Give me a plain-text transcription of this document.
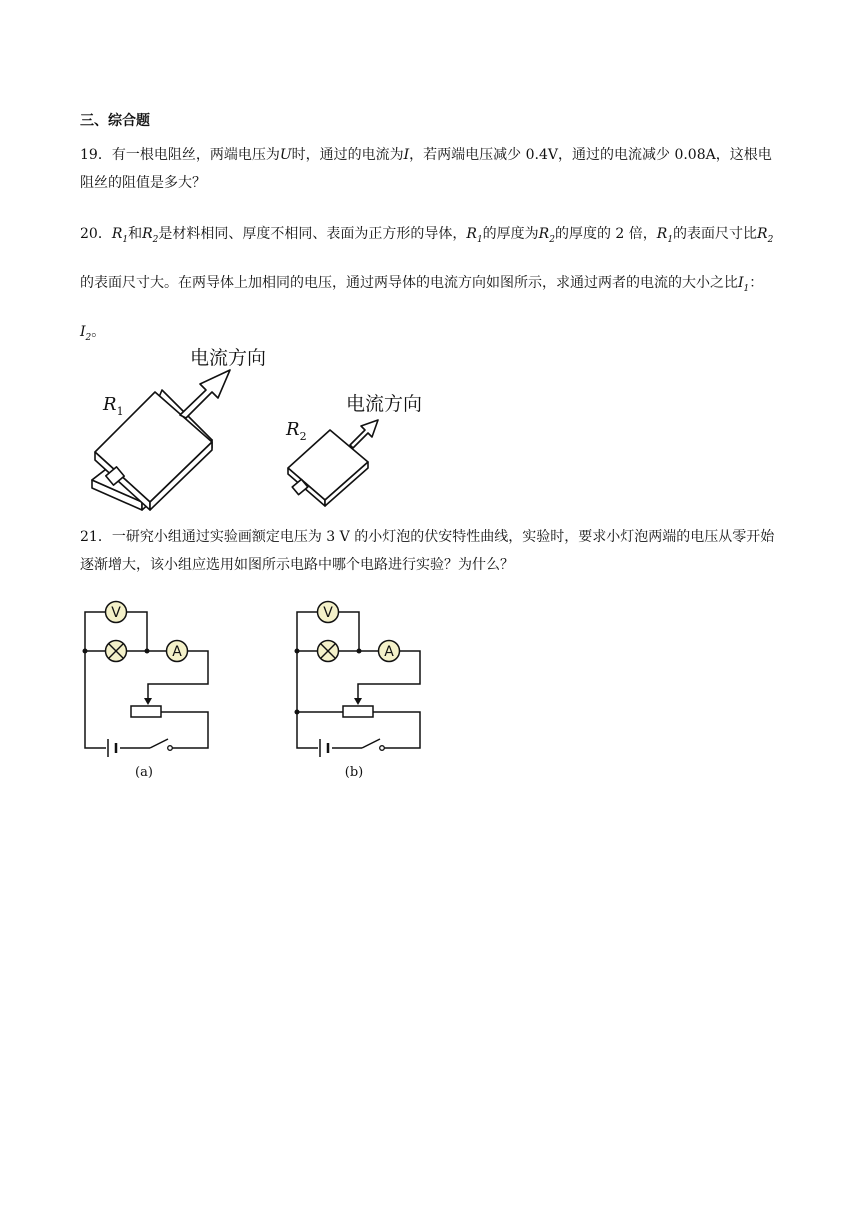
三、综合题
19．有一根电阻丝，两端电压为U时，通过的电流为I，若两端电压减少 0.4V，通过的电流减少 0.08A，这根电阻丝的阻值是多大？
20．$R_1$和$R_2$是材料相同、厚度不相同、表面为正方形的导体，$R_1$的厚度为$R_2$的厚度的 2 倍，$R_1$的表面尺寸比$R_2$的表面尺寸大。在两导体上加相同的电压，通过两导体的电流方向如图所示，求通过两者的电流的大小之比$I_1$：$I_2$。
电流方向
电流方向
$R_1$
$R_2$
21．一研究小组通过实验画额定电压为 3 V 的小灯泡的伏安特性曲线，实验时，要求小灯泡两端的电压从零开始逐渐增大，该小组应选用如图所示电路中哪个电路进行实验？为什么？
V
A
(a)
V
A
(b)
